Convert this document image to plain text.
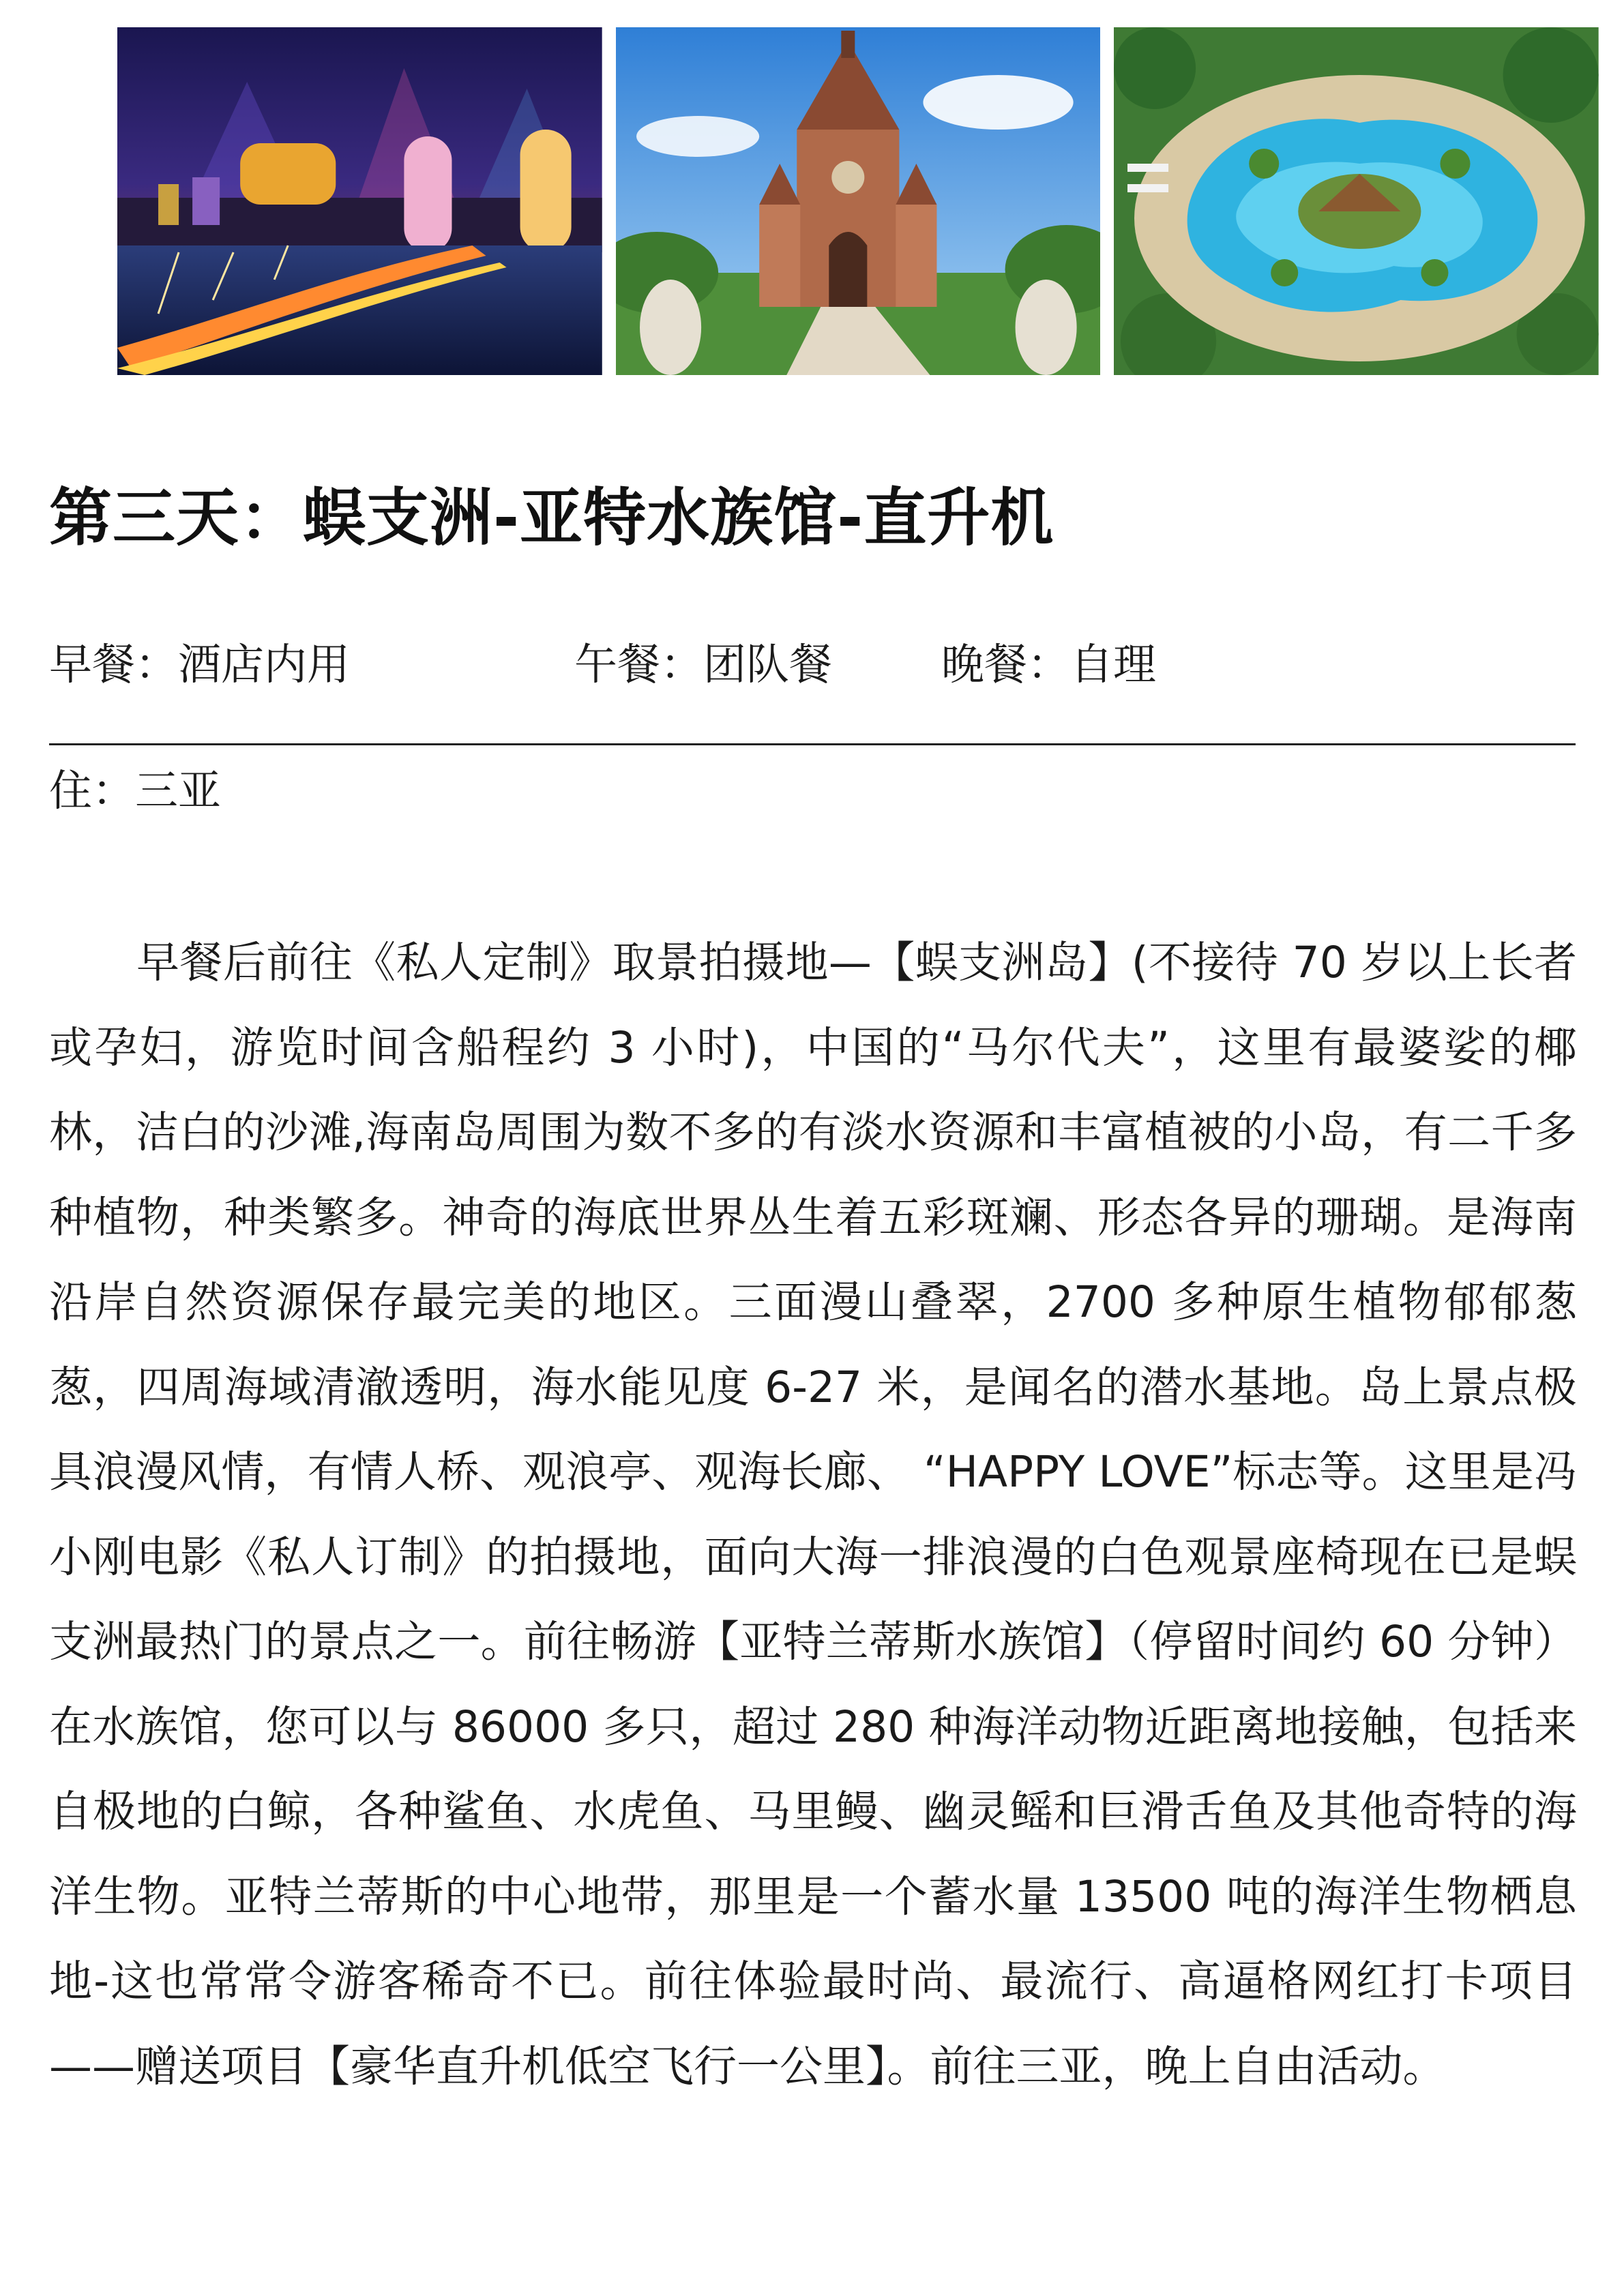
第三天：蜈支洲-亚特水族馆-直升机
早餐：酒店内用	午餐：团队餐	晚餐：自理
住：三亚

早餐后前往《私人定制》取景拍摄地—【蜈支洲岛】(不接待 70 岁以上长者或孕妇，游览时间含船程约 3 小时)，中国的“马尔代夫”，这里有最婆娑的椰林，洁白的沙滩,海南岛周围为数不多的有淡水资源和丰富植被的小岛，有二千多种植物，种类繁多。神奇的海底世界丛生着五彩斑斓、形态各异的珊瑚。是海南沿岸自然资源保存最完美的地区。三面漫山叠翠，2700 多种原生植物郁郁葱葱，四周海域清澈透明，海水能见度 6-27 米，是闻名的潜水基地。岛上景点极具浪漫风情，有情人桥、观浪亭、观海长廊、 “HAPPY LOVE”标志等。这里是冯小刚电影《私人订制》的拍摄地，面向大海一排浪漫的白色观景座椅现在已是蜈支洲最热门的景点之一。前往畅游【亚特兰蒂斯水族馆】（停留时间约 60 分钟）在水族馆，您可以与 86000 多只，超过 280 种海洋动物近距离地接触，包括来自极地的白鲸，各种鲨鱼、水虎鱼、马里鳗、幽灵鳐和巨滑舌鱼及其他奇特的海洋生物。亚特兰蒂斯的中心地带，那里是一个蓄水量 13500 吨的海洋生物栖息地-这也常常令游客稀奇不已。前往体验最时尚、最流行、高逼格网红打卡项目——赠送项目【豪华直升机低空飞行一公里】。前往三亚，晚上自由活动。
